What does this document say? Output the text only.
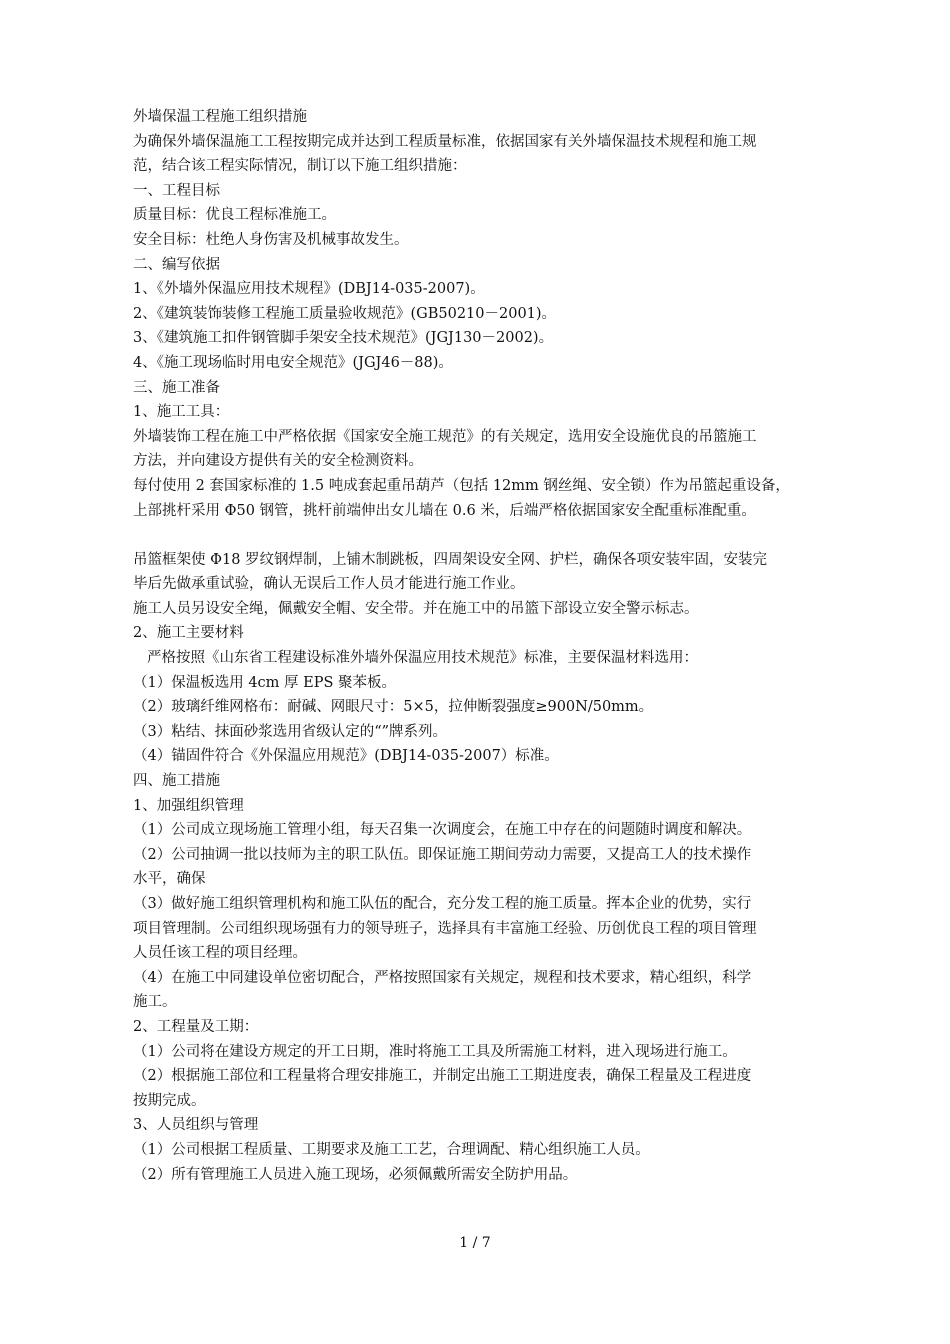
外墙保温工程施工组织措施
为确保外墙保温施工工程按期完成并达到工程质量标准，依据国家有关外墙保温技术规程和施工规
范，结合该工程实际情况，制订以下施工组织措施：
一、工程目标
质量目标：优良工程标准施工。
安全目标：杜绝人身伤害及机械事故发生。
二、编写依据
1、《外墙外保温应用技术规程》(DBJ14-035-2007)。
2、《建筑装饰装修工程施工质量验收规范》(GB50210－2001)。
3、《建筑施工扣件钢管脚手架安全技术规范》(JGJ130－2002)。
4、《施工现场临时用电安全规范》(JGJ46－88)。
三、施工准备
1、施工工具：
外墙装饰工程在施工中严格依据《国家安全施工规范》的有关规定，选用安全设施优良的吊篮施工
方法，并向建设方提供有关的安全检测资料。
每付使用 2 套国家标准的 1.5 吨成套起重吊葫芦（包括 12mm 钢丝绳、安全锁）作为吊篮起重设备，
上部挑杆采用 Φ50 钢管，挑杆前端伸出女儿墙在 0.6 米，后端严格依据国家安全配重标准配重。
吊篮框架使 Φ18 罗纹钢焊制，上铺木制跳板，四周架设安全网、护栏，确保各项安装牢固，安装完
毕后先做承重试验，确认无误后工作人员才能进行施工作业。
施工人员另设安全绳，佩戴安全帽、安全带。并在施工中的吊篮下部设立安全警示标志。
2、施工主要材料
严格按照《山东省工程建设标准外墙外保温应用技术规范》标准，主要保温材料选用：
（1）保温板选用 4cm 厚 EPS 聚苯板。
（2）玻璃纤维网格布：耐碱、网眼尺寸：5×5，拉伸断裂强度≥900N/50mm。
（3）粘结、抹面砂浆选用省级认定的“”牌系列。
（4）锚固件符合《外保温应用规范》(DBJ14-035-2007）标准。
四、施工措施
1、加强组织管理
（1）公司成立现场施工管理小组，每天召集一次调度会，在施工中存在的问题随时调度和解决。
（2）公司抽调一批以技师为主的职工队伍。即保证施工期间劳动力需要，又提高工人的技术操作
水平，确保
（3）做好施工组织管理机构和施工队伍的配合，充分发工程的施工质量。挥本企业的优势，实行
项目管理制。公司组织现场强有力的领导班子，选择具有丰富施工经验、历创优良工程的项目管理
人员任该工程的项目经理。
（4）在施工中同建设单位密切配合，严格按照国家有关规定，规程和技术要求，精心组织，科学
施工。
2、工程量及工期：
（1）公司将在建设方规定的开工日期，准时将施工工具及所需施工材料，进入现场进行施工。
（2）根据施工部位和工程量将合理安排施工，并制定出施工工期进度表，确保工程量及工程进度
按期完成。
3、人员组织与管理
（1）公司根据工程质量、工期要求及施工工艺，合理调配、精心组织施工人员。
（2）所有管理施工人员进入施工现场，必须佩戴所需安全防护用品。
1 / 7
